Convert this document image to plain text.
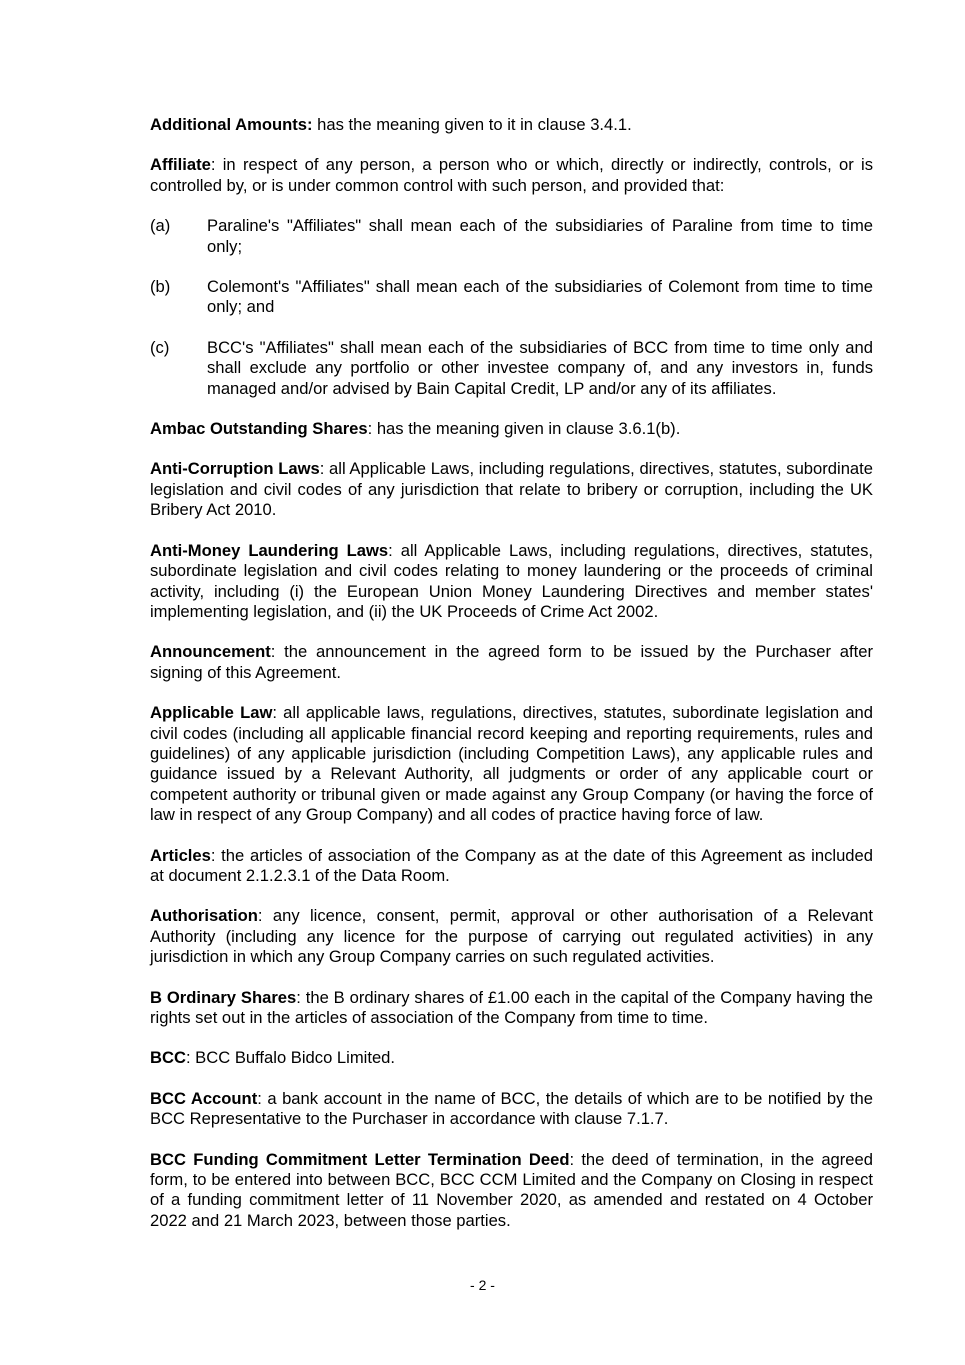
Additional Amounts: has the meaning given to it in clause 3.4.1.

Affiliate: in respect of any person, a person who or which, directly or indirectly, controls, or is controlled by, or is under common control with such person, and provided that:

(a)	Paraline's "Affiliates" shall mean each of the subsidiaries of Paraline from time to time only;
(b)	Colemont's "Affiliates" shall mean each of the subsidiaries of Colemont from time to time only; and
(c)	BCC's "Affiliates" shall mean each of the subsidiaries of BCC from time to time only and shall exclude any portfolio or other investee company of, and any investors in, funds managed and/or advised by Bain Capital Credit, LP and/or any of its affiliates.

Ambac Outstanding Shares: has the meaning given in clause 3.6.1(b).

Anti-Corruption Laws: all Applicable Laws, including regulations, directives, statutes, subordinate legislation and civil codes of any jurisdiction that relate to bribery or corruption, including the UK Bribery Act 2010.

Anti-Money Laundering Laws: all Applicable Laws, including regulations, directives, statutes, subordinate legislation and civil codes relating to money laundering or the proceeds of criminal activity, including (i) the European Union Money Laundering Directives and member states' implementing legislation, and (ii) the UK Proceeds of Crime Act 2002.

Announcement: the announcement in the agreed form to be issued by the Purchaser after signing of this Agreement.

Applicable Law: all applicable laws, regulations, directives, statutes, subordinate legislation and civil codes (including all applicable financial record keeping and reporting requirements, rules and guidelines) of any applicable jurisdiction (including Competition Laws), any applicable rules and guidance issued by a Relevant Authority, all judgments or order of any applicable court or competent authority or tribunal given or made against any Group Company (or having the force of law in respect of any Group Company) and all codes of practice having force of law.

Articles: the articles of association of the Company as at the date of this Agreement as included at document 2.1.2.3.1 of the Data Room.

Authorisation: any licence, consent, permit, approval or other authorisation of a Relevant Authority (including any licence for the purpose of carrying out regulated activities) in any jurisdiction in which any Group Company carries on such regulated activities.

B Ordinary Shares: the B ordinary shares of £1.00 each in the capital of the Company having the rights set out in the articles of association of the Company from time to time.

BCC: BCC Buffalo Bidco Limited.

BCC Account: a bank account in the name of BCC, the details of which are to be notified by the BCC Representative to the Purchaser in accordance with clause 7.1.7.

BCC Funding Commitment Letter Termination Deed: the deed of termination, in the agreed form, to be entered into between BCC, BCC CCM Limited and the Company on Closing in respect of a funding commitment letter of 11 November 2020, as amended and restated on 4 October 2022 and 21 March 2023, between those parties.

- 2 -
